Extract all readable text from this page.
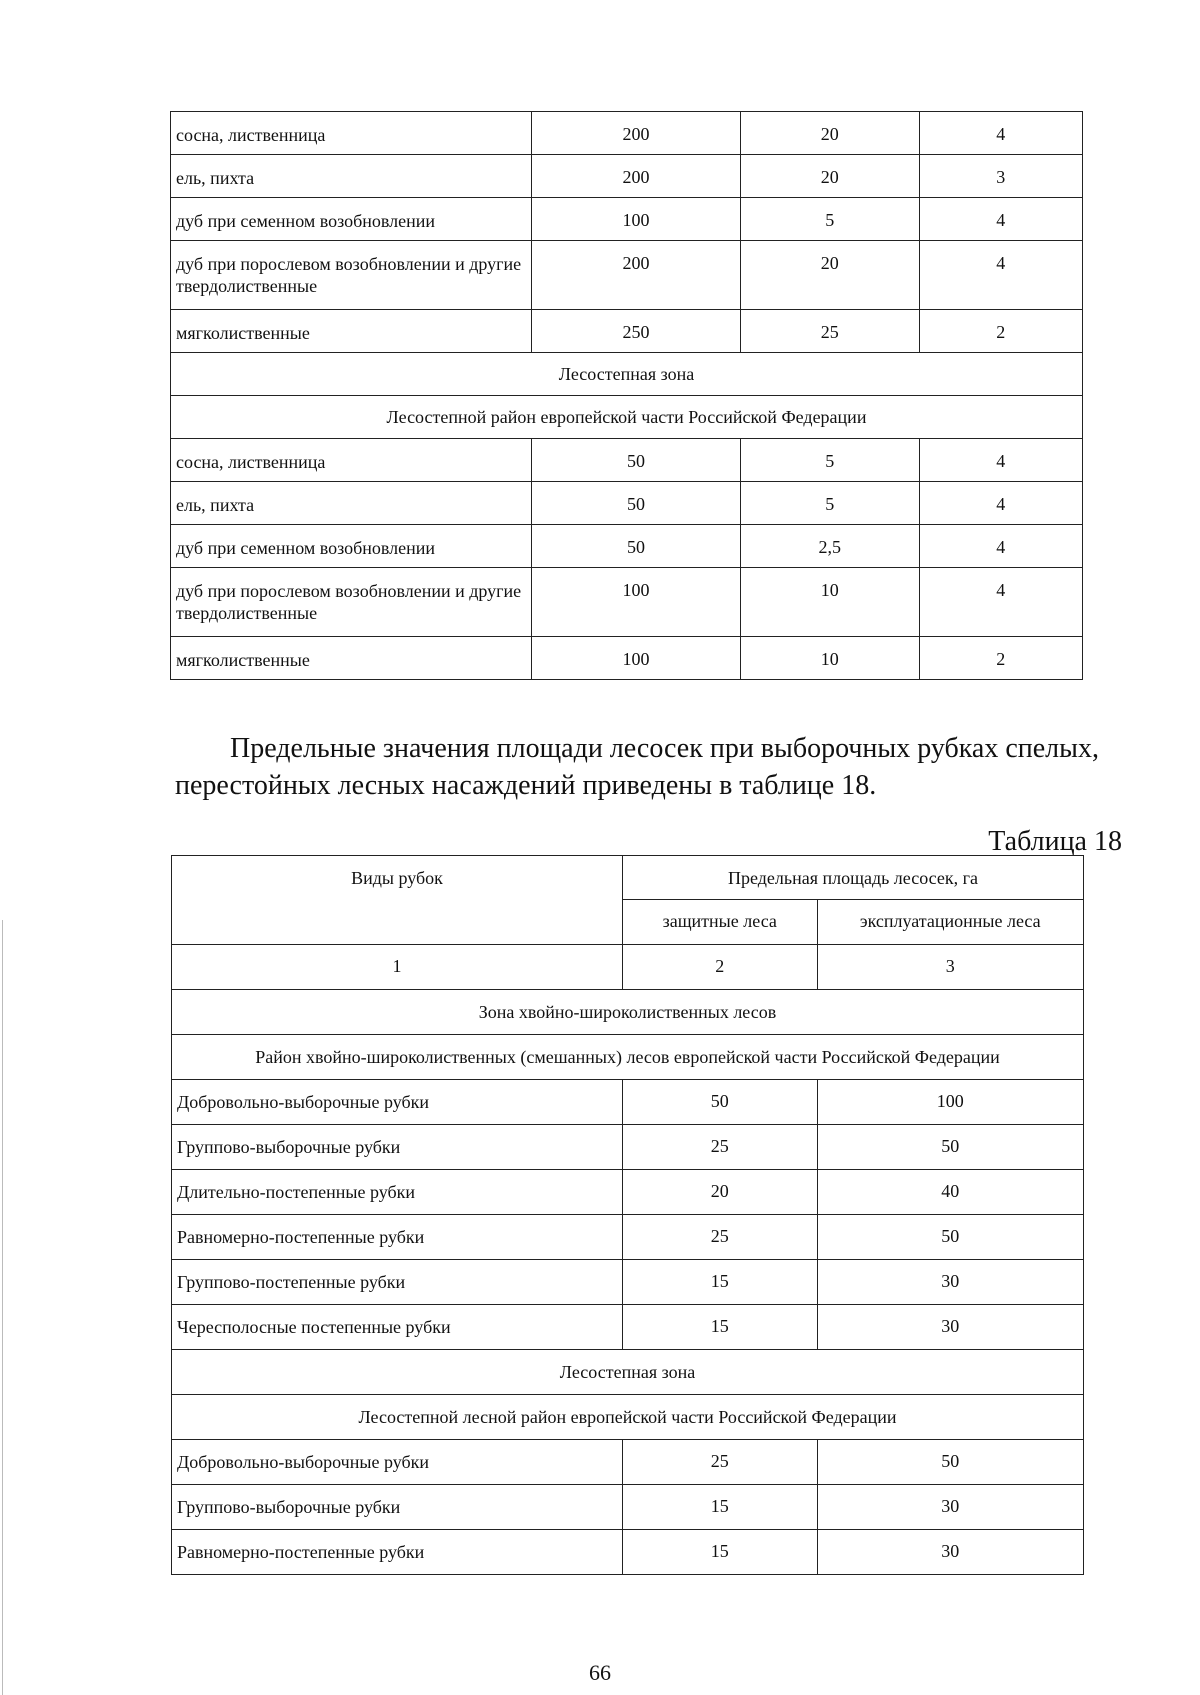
сосна, лиственница	200	20	4
ель, пихта	200	20	3
дуб при семенном возобновлении	100	5	4
дуб при порослевом возобновлении и другие твердолиственные	200	20	4
мягколиственные	250	25	2
Лесостепная зона			
Лесостепной район европейской части Российской Федерации			
сосна, лиственница	50	5	4
ель, пихта	50	5	4
дуб при семенном возобновлении	50	2,5	4
дуб при порослевом возобновлении и другие твердолиственные	100	10	4
мягколиственные	100	10	2

Предельные значения площади лесосек при выборочных рубках спелых, перестойных лесных насаждений приведены в таблице 18.

Таблица 18
Виды рубок	Предельная площадь лесосек, га	
	защитные леса	эксплуатационные леса
1	2	3
Зона хвойно-широколиственных лесов		
Район хвойно-широколиственных (смешанных) лесов европейской части Российской Федерации		
Добровольно-выборочные рубки	50	100
Группово-выборочные рубки	25	50
Длительно-постепенные рубки	20	40
Равномерно-постепенные рубки	25	50
Группово-постепенные рубки	15	30
Чересполосные постепенные рубки	15	30
Лесостепная зона		
Лесостепной лесной район европейской части Российской Федерации		
Добровольно-выборочные рубки	25	50
Группово-выборочные рубки	15	30
Равномерно-постепенные рубки	15	30
66
